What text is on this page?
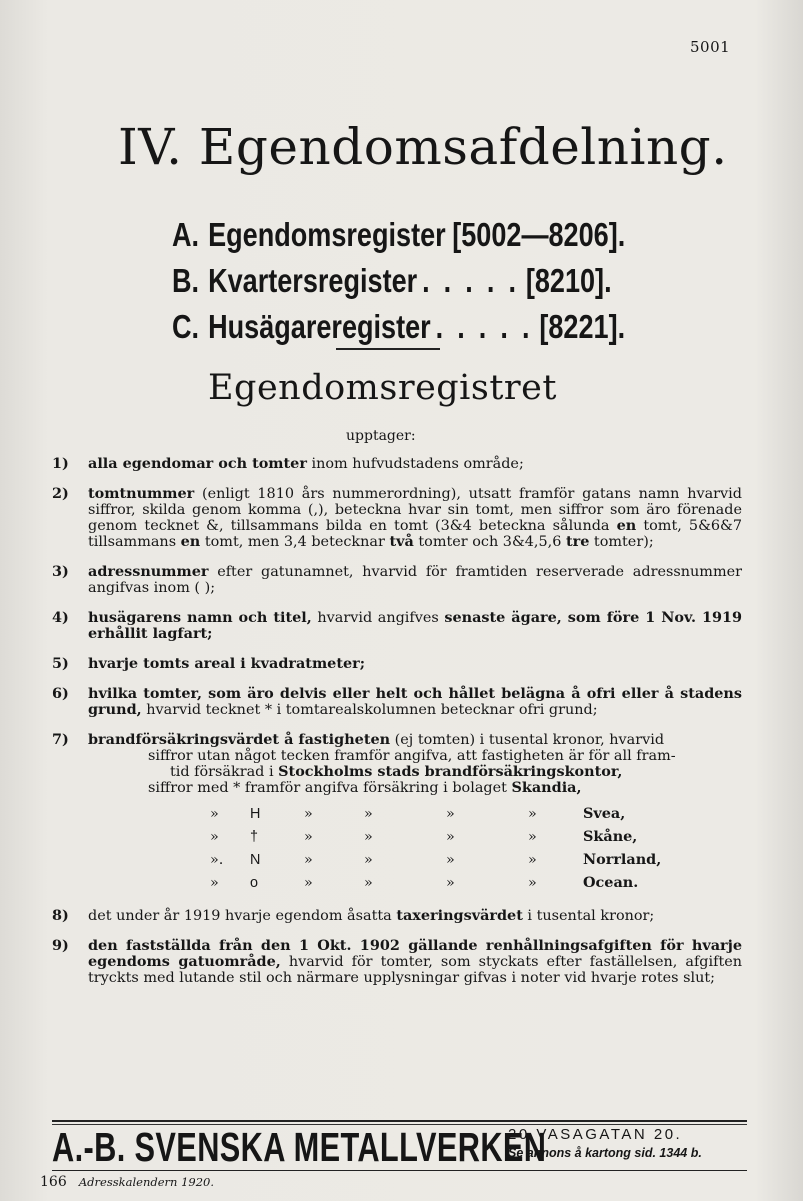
5001
IV. Egendomsafdelning.
A. Egendomsregister [5002—8206].
B. Kvartersregister . . . . . [8210].
C. Husägareregister . . . . . [8221].
Egendomsregistret
upptager:
1)	alla egendomar och tomter inom hufvudstadens område;
2)	tomtnummer (enligt 1810 års nummerordning), utsatt framför gatans namn hvarvid siffror, skilda genom komma (,), beteckna hvar sin tomt, men siffror som äro förenade genom tecknet &, tillsammans bilda en tomt (3&4 beteckna sålunda en tomt, 5&6&7 tillsammans en tomt, men 3,4 betecknar två tomter och 3&4,5,6 tre tomter);
3)	adressnummer efter gatunamnet, hvarvid för framtiden reserverade adressnummer angifvas inom ( );
4)	husägarens namn och titel, hvarvid angifves senaste ägare, som före 1 Nov. 1919 erhållit lagfart;
5)	hvarje tomts areal i kvadratmeter;
6)	hvilka tomter, som äro delvis eller helt och hållet belägna å ofri eller å stadens grund, hvarvid tecknet * i tomtarealskolumnen betecknar ofri grund;
7)	brandförsäkringsvärdet å fastigheten (ej tomten) i tusental kronor, hvarvid
siffror utan något tecken framför angifva, att fastigheten är för all fram-
tid försäkrad i Stockholms stads brandförsäkringskontor,
siffror med * framför angifva försäkring i bolaget Skandia,
»	H	»	»	»	»	Svea,
»	†	»	»	»	»	Skåne,
».	N	»	»	»	»	Norrland,
»	o	»	»	»	»	Ocean.
8)	det under år 1919 hvarje egendom åsatta taxeringsvärdet i tusental kronor;
9)	den fastställda från den 1 Okt. 1902 gällande renhållningsafgiften för hvarje egendoms gatuområde, hvarvid för tomter, som styckats efter faställelsen, afgiften tryckts med lutande stil och närmare upplysningar gifvas i noter vid hvarje rotes slut;
A.-B. SVENSKA METALLVERKEN
20 VASAGATAN 20.
Se annons å kartong sid. 1344 b.
166 Adresskalendern 1920.
